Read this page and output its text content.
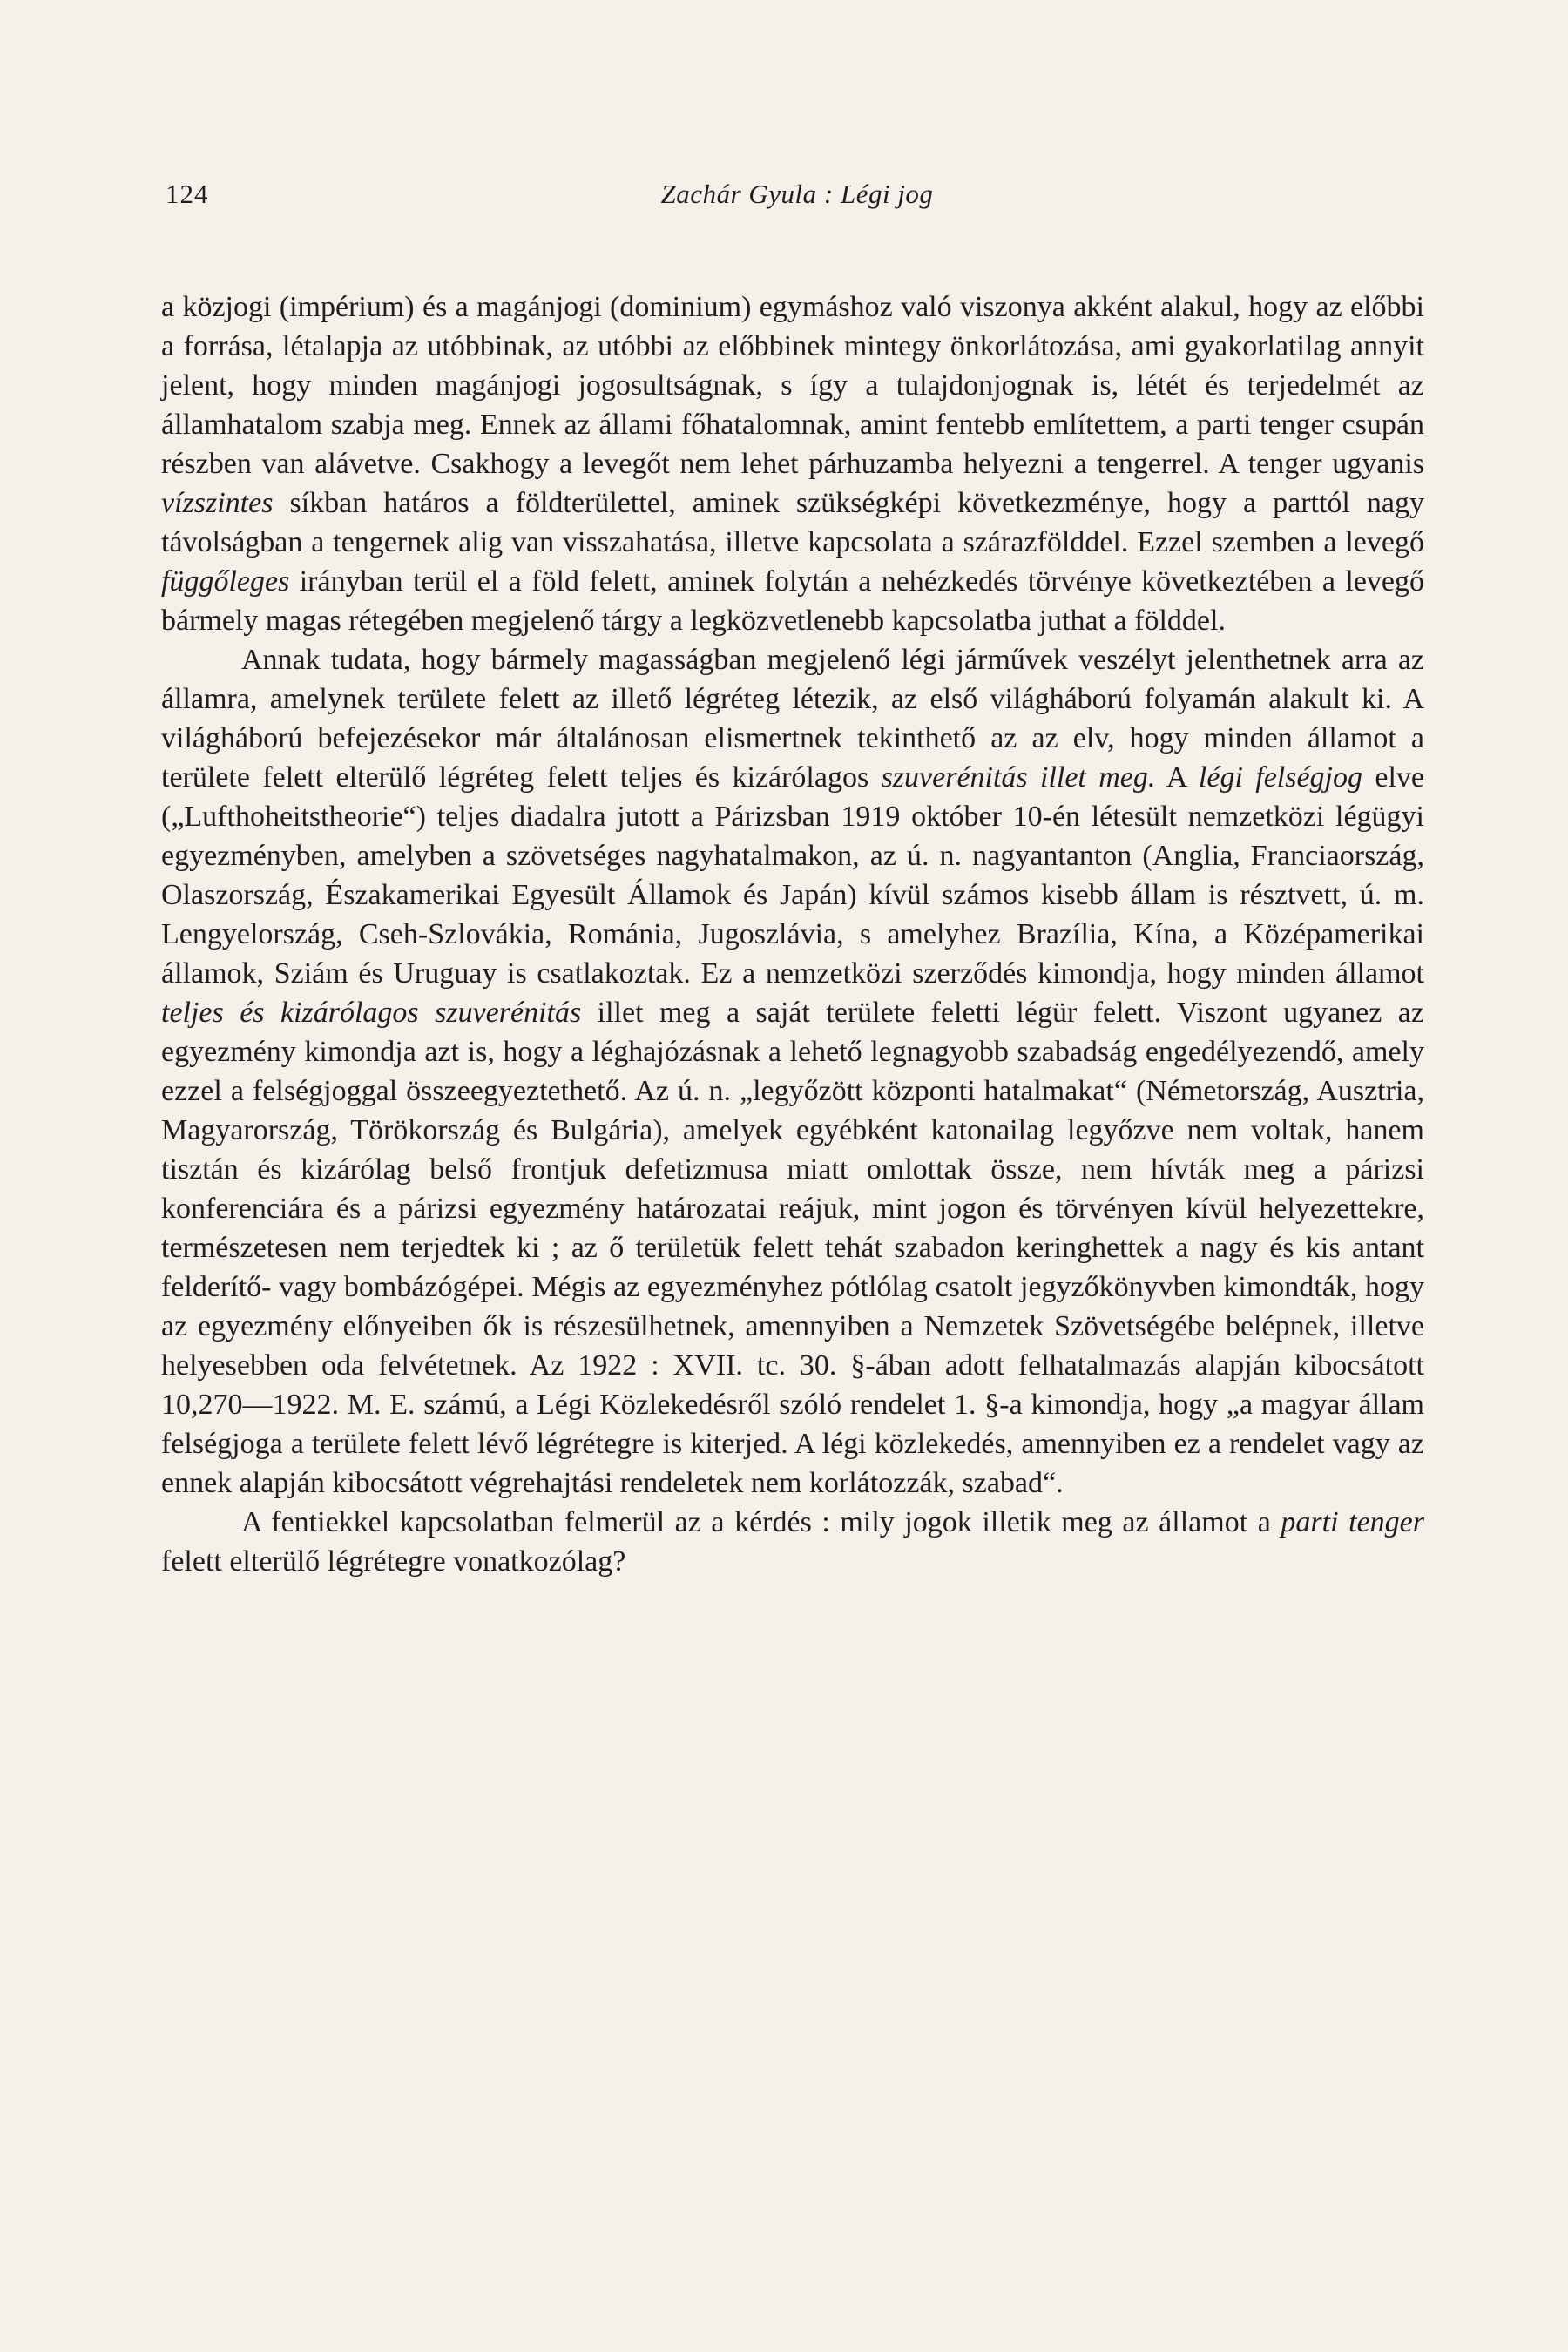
124	Zachár Gyula : Légi jog

a közjogi (impérium) és a magánjogi (dominium) egymáshoz való viszonya akként alakul, hogy az előbbi a forrása, létalapja az utóbbinak, az utóbbi az előbbinek mintegy önkorlátozása, ami gyakorlatilag annyit jelent, hogy minden magánjogi jogosultságnak, s így a tulajdonjognak is, létét és terjedelmét az államhatalom szabja meg. Ennek az állami főhatalomnak, amint fentebb említettem, a parti tenger csupán részben van alávetve. Csakhogy a levegőt nem lehet párhuzamba helyezni a tengerrel. A tenger ugyanis vízszintes síkban határos a földterülettel, aminek szükségképi következménye, hogy a parttól nagy távolságban a tengernek alig van visszahatása, illetve kapcsolata a szárazfölddel. Ezzel szemben a levegő függőleges irányban terül el a föld felett, aminek folytán a nehézkedés törvénye következtében a levegő bármely magas rétegében megjelenő tárgy a legközvetlenebb kapcsolatba juthat a földdel.

Annak tudata, hogy bármely magasságban megjelenő légi járművek veszélyt jelenthetnek arra az államra, amelynek területe felett az illető légréteg létezik, az első világháború folyamán alakult ki. A világháború befejezésekor már általánosan elismertnek tekinthető az az elv, hogy minden államot a területe felett elterülő légréteg felett teljes és kizárólagos szuverénitás illet meg. A légi felségjog elve („Lufthoheitstheorie“) teljes diadalra jutott a Párizsban 1919 október 10-én létesült nemzetközi légügyi egyezményben, amelyben a szövetséges nagyhatalmakon, az ú. n. nagyantanton (Anglia, Franciaország, Olaszország, Északamerikai Egyesült Államok és Japán) kívül számos kisebb állam is résztvett, ú. m. Lengyelország, Cseh-Szlovákia, Románia, Jugoszlávia, s amelyhez Brazília, Kína, a Középamerikai államok, Sziám és Uruguay is csatlakoztak. Ez a nemzetközi szerződés kimondja, hogy minden államot teljes és kizárólagos szuverénitás illet meg a saját területe feletti légür felett. Viszont ugyanez az egyezmény kimondja azt is, hogy a léghajózásnak a lehető legnagyobb szabadság engedélyezendő, amely ezzel a felségjoggal összeegyeztethető. Az ú. n. „legyőzött központi hatalmakat“ (Németország, Ausztria, Magyarország, Törökország és Bulgária), amelyek egyébként katonailag legyőzve nem voltak, hanem tisztán és kizárólag belső frontjuk defetizmusa miatt omlottak össze, nem hívták meg a párizsi konferenciára és a párizsi egyezmény határozatai reájuk, mint jogon és törvényen kívül helyezettekre, természetesen nem terjedtek ki ; az ő területük felett tehát szabadon keringhettek a nagy és kis antant felderítő- vagy bombázógépei. Mégis az egyezményhez pótlólag csatolt jegyzőkönyvben kimondták, hogy az egyezmény előnyeiben ők is részesülhetnek, amennyiben a Nemzetek Szövetségébe belépnek, illetve helyesebben oda felvétetnek. Az 1922 : XVII. tc. 30. §-ában adott felhatalmazás alapján kibocsátott 10,270—1922. M. E. számú, a Légi Közlekedésről szóló rendelet 1. §-a kimondja, hogy „a magyar állam felségjoga a területe felett lévő légrétegre is kiterjed. A légi közlekedés, amennyiben ez a rendelet vagy az ennek alapján kibocsátott végrehajtási rendeletek nem korlátozzák, szabad“.

A fentiekkel kapcsolatban felmerül az a kérdés : mily jogok illetik meg az államot a parti tenger felett elterülő légrétegre vonatkozólag?
